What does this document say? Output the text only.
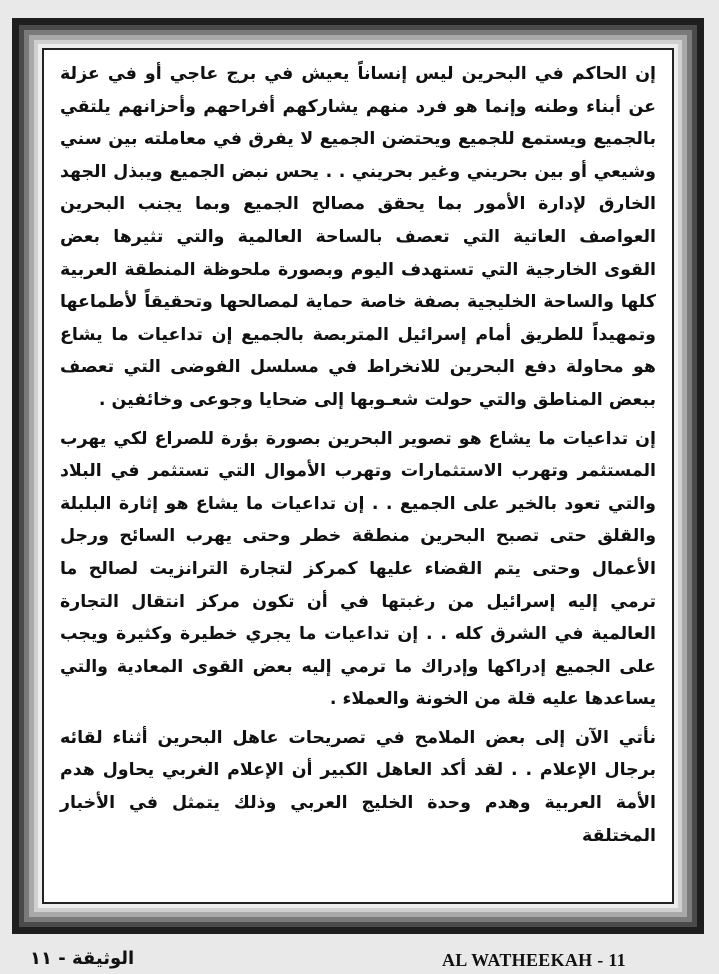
إن الحاكم في البحرين ليس إنساناً يعيش في برج عاجي أو في عزلة عن أبناء وطنه وإنما هو فرد منهم يشاركهم أفراحهم وأحزانهم يلتقي بالجميع ويستمع للجميع ويحتضن الجميع لا يفرق في معاملته بين سني وشيعي أو بين بحريني وغير بحريني . . يحس نبض الجميع ويبذل الجهد الخارق لإدارة الأمور بما يحقق مصالح الجميع وبما يجنب البحرين العواصف العاتية التي تعصف بالساحة العالمية والتي تثيرها بعض القوى الخارجية التي تستهدف اليوم وبصورة ملحوظة المنطقة العربية كلها والساحة الخليجية بصفة خاصة حماية لمصالحها وتحقيقاً لأطماعها وتمهيداً للطريق أمام إسرائيل المتربصة بالجميع إن تداعيات ما يشاع هو محاولة دفع البحرين للانخراط في مسلسل الفوضى التي تعصف ببعض المناطق والتي حولت شعـوبها إلى ضحايا وجوعى وخائفين .

إن تداعيات ما يشاع هو تصوير البحرين بصورة بؤرة للصراع لكي يهرب المستثمر وتهرب الاستثمارات وتهرب الأموال التي تستثمر في البلاد والتي تعود بالخير على الجميع . . إن تداعيات ما يشاع هو إثارة البلبلة والقلق حتى تصبح البحرين منطقة خطر وحتى يهرب السائح ورجل الأعمال وحتى يتم القضاء عليها كمركز لتجارة الترانزيت لصالح ما ترمي إليه إسرائيل من رغبتها في أن تكون مركز انتقال التجارة العالمية في الشرق كله . . إن تداعيات ما يجري خطيرة وكثيرة ويجب على الجميع إدراكها وإدراك ما ترمي إليه بعض القوى المعادية والتي يساعدها عليه قلة من الخونة والعملاء .

نأتي الآن إلى بعض الملامح في تصريحات عاهل البحرين أثناء لقائه برجال الإعلام . . لقد أكد العاهل الكبير أن الإعلام الغربي يحاول هدم الأمة العربية وهدم وحدة الخليج العربي وذلك يتمثل في الأخبار المختلقة

الوثيقة - ١١	AL WATHEEKAH - 11
